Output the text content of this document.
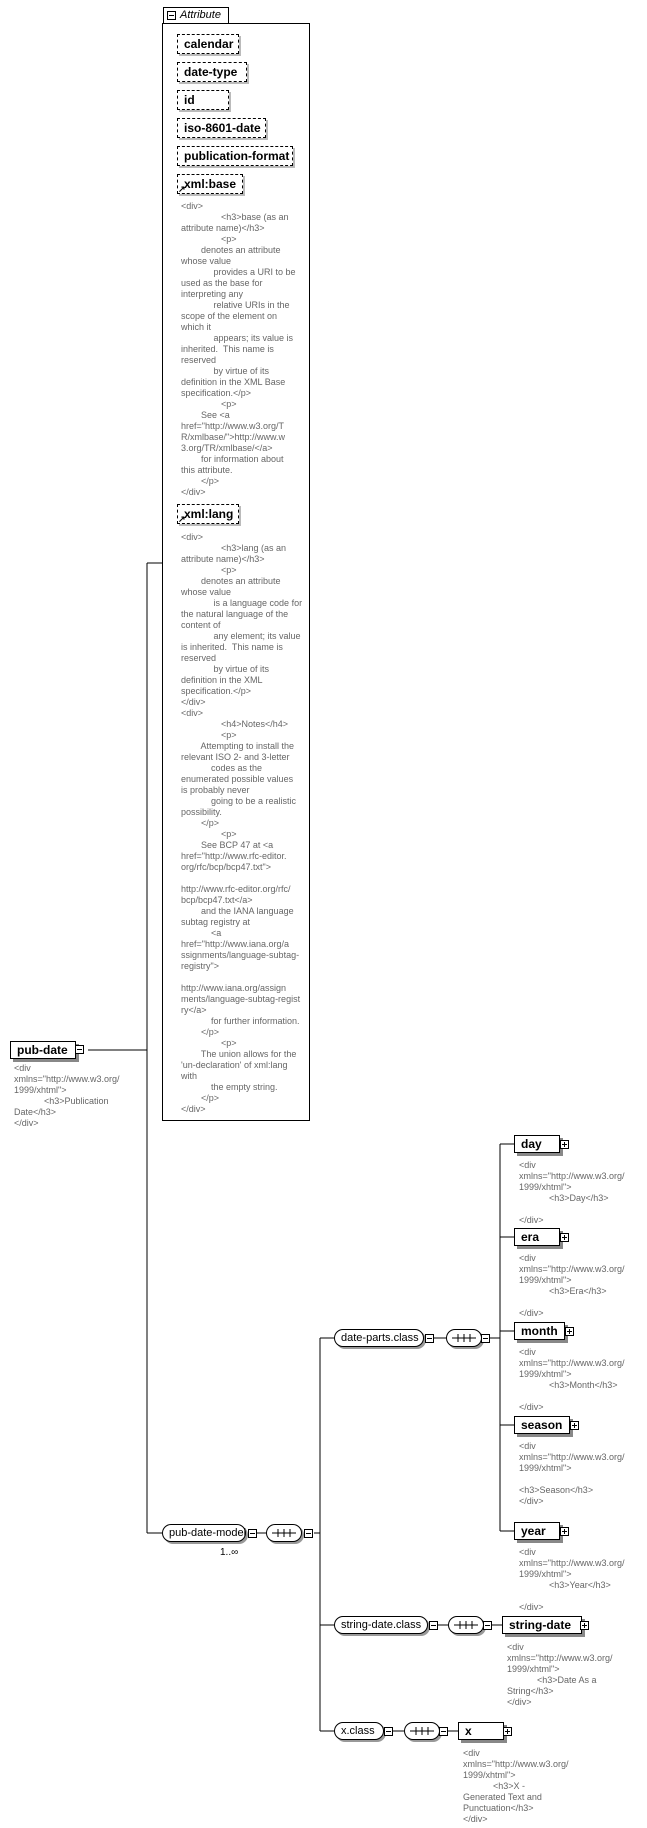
pub-date
<div
xmlns="http://www.w3.org/
1999/xhtml">
<h3>Publication
Date</h3>
</div>
Attribute
calendar
date-type
id
iso-8601-date
publication-format
xml:base
↗
<div>
<h3>base (as an
attribute name)</h3>
<p>
denotes an attribute
whose value
provides a URI to be
used as the base for
interpreting any
relative URIs in the
scope of the element on
which it
appears; its value is
inherited.  This name is
reserved
by virtue of its
definition in the XML Base
specification.</p>
<p>
See <a
href="http://www.w3.org/T
R/xmlbase/">http://www.w
3.org/TR/xmlbase/</a>
for information about
this attribute.
</p>
</div>
xml:lang
↗
<div>
<h3>lang (as an
attribute name)</h3>
<p>
denotes an attribute
whose value
is a language code for
the natural language of the
content of
any element; its value
is inherited.  This name is
reserved
by virtue of its
definition in the XML
specification.</p>
</div>
<div>
<h4>Notes</h4>
<p>
Attempting to install the
relevant ISO 2- and 3-letter
codes as the
enumerated possible values
is probably never
going to be a realistic
possibility.
</p>
<p>
See BCP 47 at <a
href="http://www.rfc-editor.
org/rfc/bcp/bcp47.txt">

http://www.rfc-editor.org/rfc/
bcp/bcp47.txt</a>
and the IANA language
subtag registry at
<a
href="http://www.iana.org/a
ssignments/language-subtag-
registry">

http://www.iana.org/assign
ments/language-subtag-regist
ry</a>
for further information.
</p>
<p>
The union allows for the
'un-declaration' of xml:lang
with
the empty string.
</p>
</div>
pub-date-model
1..∞
date-parts.class
day
<div
xmlns="http://www.w3.org/
1999/xhtml">
<h3>Day</h3>

</div>
era
<div
xmlns="http://www.w3.org/
1999/xhtml">
<h3>Era</h3>

</div>
month
<div
xmlns="http://www.w3.org/
1999/xhtml">
<h3>Month</h3>

</div>
season
<div
xmlns="http://www.w3.org/
1999/xhtml">

<h3>Season</h3>
</div>
year
<div
xmlns="http://www.w3.org/
1999/xhtml">
<h3>Year</h3>

</div>
string-date.class	string-date
<div
xmlns="http://www.w3.org/
1999/xhtml">
<h3>Date As a
String</h3>
</div>
x.class	x
<div
xmlns="http://www.w3.org/
1999/xhtml">
<h3>X -
Generated Text and
Punctuation</h3>
</div>
